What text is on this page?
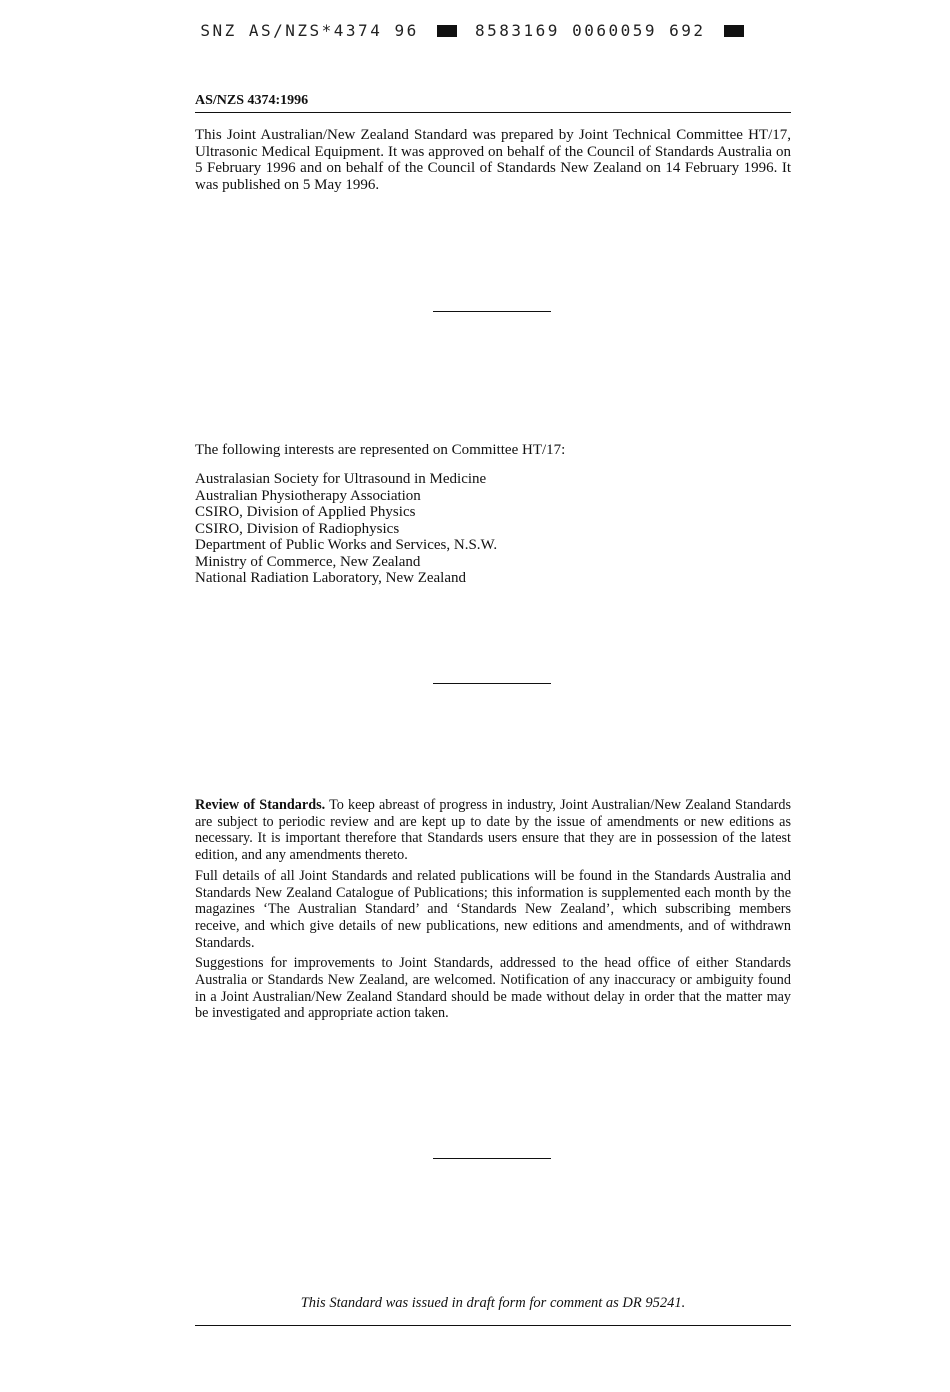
SNZ AS/NZS*4374 96	8583169 0060059 692
AS/NZS 4374:1996

This Joint Australian/New Zealand Standard was prepared by Joint Technical Committee HT/17, Ultrasonic Medical Equipment. It was approved on behalf of the Council of Standards Australia on 5 February 1996 and on behalf of the Council of Standards New Zealand on 14 February 1996. It was published on 5 May 1996.

The following interests are represented on Committee HT/17:

Australasian Society for Ultrasound in Medicine
Australian Physiotherapy Association
CSIRO, Division of Applied Physics
CSIRO, Division of Radiophysics
Department of Public Works and Services, N.S.W.
Ministry of Commerce, New Zealand
National Radiation Laboratory, New Zealand

Review of Standards. To keep abreast of progress in industry, Joint Australian/New Zealand Standards are subject to periodic review and are kept up to date by the issue of amendments or new editions as necessary. It is important therefore that Standards users ensure that they are in possession of the latest edition, and any amendments thereto.

Full details of all Joint Standards and related publications will be found in the Standards Australia and Standards New Zealand Catalogue of Publications; this information is supplemented each month by the magazines ‘The Australian Standard’ and ‘Standards New Zealand’, which subscribing members receive, and which give details of new publications, new editions and amendments, and of withdrawn Standards.

Suggestions for improvements to Joint Standards, addressed to the head office of either Standards Australia or Standards New Zealand, are welcomed. Notification of any inaccuracy or ambiguity found in a Joint Australian/New Zealand Standard should be made without delay in order that the matter may be investigated and appropriate action taken.

This Standard was issued in draft form for comment as DR 95241.
